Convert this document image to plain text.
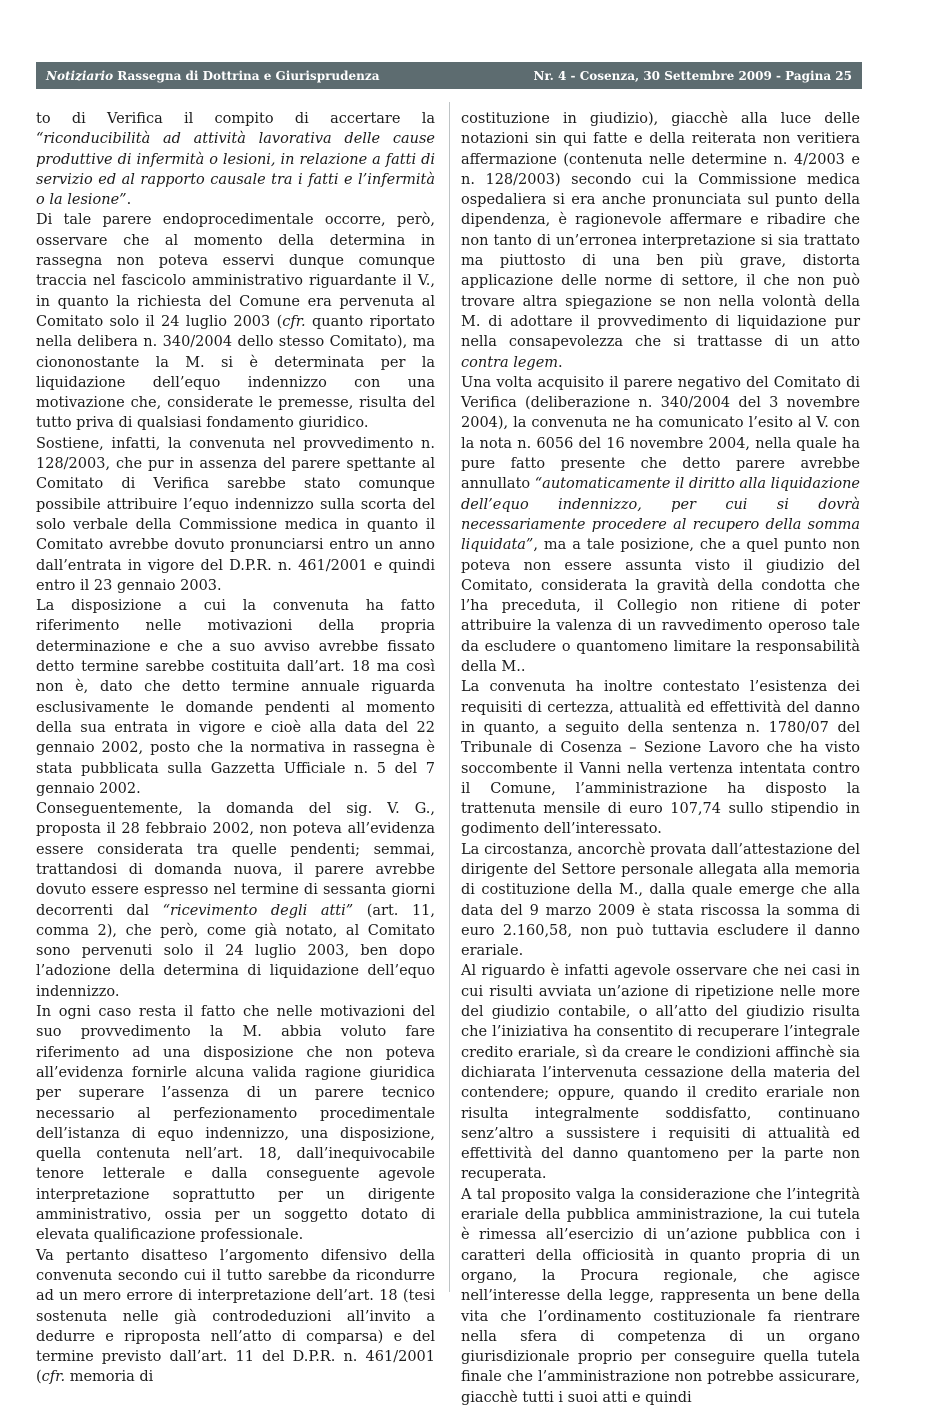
Notiziario Rassegna di Dottrina e Giurisprudenza	Nr. 4 - Cosenza, 30 Settembre 2009 - Pagina 25

to di Verifica il compito di accertare la “riconducibilità ad attività lavorativa delle cause produttive di infermità o lesioni, in relazione a fatti di servizio ed al rapporto causale tra i fatti e l’infermità o la lesione”.

Di tale parere endoprocedimentale occorre, però, osservare che al momento della determina in rassegna non poteva esservi dunque comunque traccia nel fascicolo amministrativo riguardante il V., in quanto la richiesta del Comune era pervenuta al Comitato solo il 24 luglio 2003 (cfr. quanto riportato nella delibera n. 340/2004 dello stesso Comitato), ma ciononostante la M. si è determinata per la liquidazione dell’equo indennizzo con una motivazione che, considerate le premesse, risulta del tutto priva di qualsiasi fondamento giuridico.

Sostiene, infatti, la convenuta nel provvedimento n. 128/2003, che pur in assenza del parere spettante al Comitato di Verifica sarebbe stato comunque possibile attribuire l’equo indennizzo sulla scorta del solo verbale della Commissione medica in quanto il Comitato avrebbe dovuto pronunciarsi entro un anno dall’entrata in vigore del D.P.R. n. 461/2001 e quindi entro il 23 gennaio 2003.

La disposizione a cui la convenuta ha fatto riferimento nelle motivazioni della propria determinazione e che a suo avviso avrebbe fissato detto termine sarebbe costituita dall’art. 18 ma così non è, dato che detto termine annuale riguarda esclusivamente le domande pendenti al momento della sua entrata in vigore e cioè alla data del 22 gennaio 2002, posto che la normativa in rassegna è stata pubblicata sulla Gazzetta Ufficiale n. 5 del 7 gennaio 2002.

Conseguentemente, la domanda del sig. V. G., proposta il 28 febbraio 2002, non poteva all’evidenza essere considerata tra quelle pendenti; semmai, trattandosi di domanda nuova, il parere avrebbe dovuto essere espresso nel termine di sessanta giorni decorrenti dal “ricevimento degli atti” (art. 11, comma 2), che però, come già notato, al Comitato sono pervenuti solo il 24 luglio 2003, ben dopo l’adozione della determina di liquidazione dell’equo indennizzo.

In ogni caso resta il fatto che nelle motivazioni del suo provvedimento la M. abbia voluto fare riferimento ad una disposizione che non poteva all’evidenza fornirle alcuna valida ragione giuridica per superare l’assenza di un parere tecnico necessario al perfezionamento procedimentale dell’istanza di equo indennizzo, una disposizione, quella contenuta nell’art. 18, dall’inequivocabile tenore letterale e dalla conseguente agevole interpretazione soprattutto per un dirigente amministrativo, ossia per un soggetto dotato di elevata qualificazione professionale.

Va pertanto disatteso l’argomento difensivo della convenuta secondo cui il tutto sarebbe da ricondurre ad un mero errore di interpretazione dell’art. 18 (tesi sostenuta nelle già controdeduzioni all’invito a dedurre e riproposta nell’atto di comparsa) e del termine previsto dall’art. 11 del D.P.R. n. 461/2001 (cfr. memoria di

costituzione in giudizio), giacchè alla luce delle notazioni sin qui fatte e della reiterata non veritiera affermazione (contenuta nelle determine n. 4/2003 e n. 128/2003) secondo cui la Commissione medica ospedaliera si era anche pronunciata sul punto della dipendenza, è ragionevole affermare e ribadire che non tanto di un’erronea interpretazione si sia trattato ma piuttosto di una ben più grave, distorta applicazione delle norme di settore, il che non può trovare altra spiegazione se non nella volontà della M. di adottare il provvedimento di liquidazione pur nella consapevolezza che si trattasse di un atto contra legem.

Una volta acquisito il parere negativo del Comitato di Verifica (deliberazione n. 340/2004 del 3 novembre 2004), la convenuta ne ha comunicato l’esito al V. con la nota n. 6056 del 16 novembre 2004, nella quale ha pure fatto presente che detto parere avrebbe annullato “automaticamente il diritto alla liquidazione dell’equo indennizzo, per cui si dovrà necessariamente procedere al recupero della somma liquidata”, ma a tale posizione, che a quel punto non poteva non essere assunta visto il giudizio del Comitato, considerata la gravità della condotta che l’ha preceduta, il Collegio non ritiene di poter attribuire la valenza di un ravvedimento operoso tale da escludere o quantomeno limitare la responsabilità della M..

La convenuta ha inoltre contestato l’esistenza dei requisiti di certezza, attualità ed effettività del danno in quanto, a seguito della sentenza n. 1780/07 del Tribunale di Cosenza – Sezione Lavoro che ha visto soccombente il Vanni nella vertenza intentata contro il Comune, l’amministrazione ha disposto la trattenuta mensile di euro 107,74 sullo stipendio in godimento dell’interessato.

La circostanza, ancorchè provata dall’attestazione del dirigente del Settore personale allegata alla memoria di costituzione della M., dalla quale emerge che alla data del 9 marzo 2009 è stata riscossa la somma di euro 2.160,58, non può tuttavia escludere il danno erariale.

Al riguardo è infatti agevole osservare che nei casi in cui risulti avviata un’azione di ripetizione nelle more del giudizio contabile, o all’atto del giudizio risulta che l’iniziativa ha consentito di recuperare l’integrale credito erariale, sì da creare le condizioni affinchè sia dichiarata l’intervenuta cessazione della materia del contendere; oppure, quando il credito erariale non risulta integralmente soddisfatto, continuano senz’altro a sussistere i requisiti di attualità ed effettività del danno quantomeno per la parte non recuperata.

A tal proposito valga la considerazione che l’integrità erariale della pubblica amministrazione, la cui tutela è rimessa all’esercizio di un’azione pubblica con i caratteri della officiosità in quanto propria di un organo, la Procura regionale, che agisce nell’interesse della legge, rappresenta un bene della vita che l’ordinamento costituzionale fa rientrare nella sfera di competenza di un organo giurisdizionale proprio per conseguire quella tutela finale che l’amministrazione non potrebbe assicurare, giacchè tutti i suoi atti e quindi
